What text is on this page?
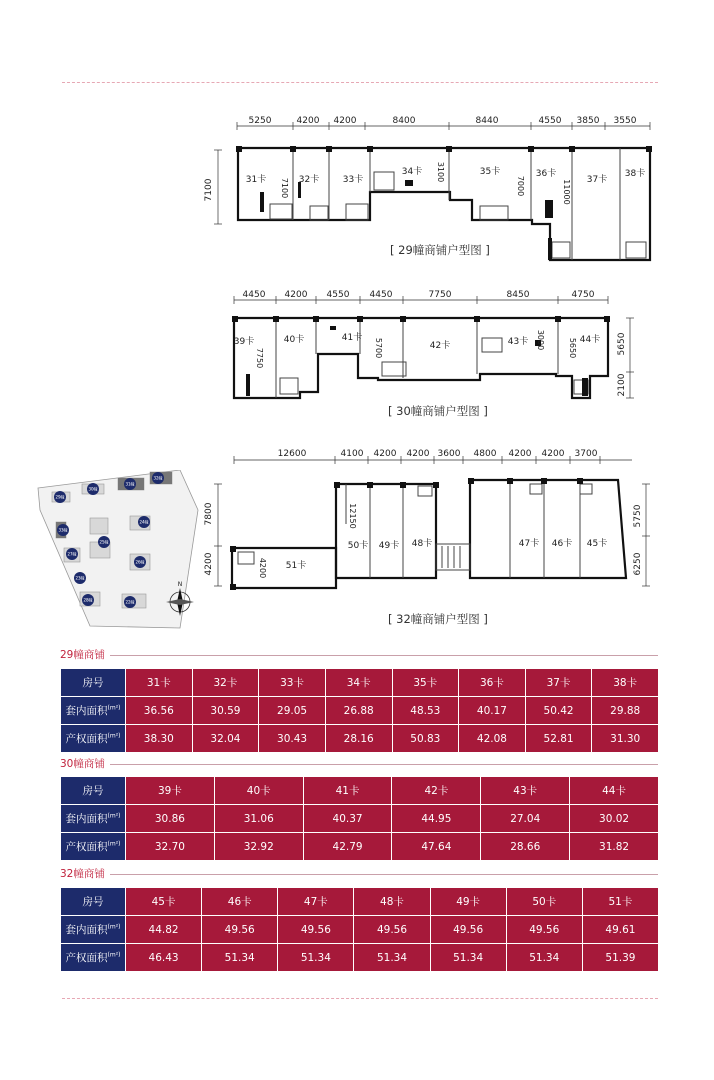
5250	4200 4200	8400	8440	4550 3850 3550
7100	31卡	32卡	33卡
34卡	35卡	36卡
37卡
38卡
7100
3100
7000	11000
[ 29幢商铺户型图 ]
4450 4200 4550 4450	7750	8450	4750
5650
2100
39卡	40卡	41卡
42卡	43卡	44卡
7750	5700	3000	5650
[ 30幢商铺户型图 ]
29幢
30幢
31幢
32幢
33幢
24幢
25幢
26幢
27幢
28幢	22幢
23幢
N
12600	4100 4200 4200 3600 4800 4200 4200 3700
7800
4200
5750
6250
51卡
50卡 49卡 48卡	47卡 46卡 45卡
12150
4200
[ 32幢商铺户型图 ]
29幢商铺
房号	31卡	32卡	33卡	34卡	35卡	36卡	37卡	38卡
套内面积$^{(m^2)}$	36.56	30.59	29.05	26.88	48.53	40.17	50.42	29.88
产权面积$^{(m^2)}$	38.30	32.04	30.43	28.16	50.83	42.08	52.81	31.30
30幢商铺
房号	39卡	40卡	41卡	42卡	43卡	44卡
套内面积$^{(m^2)}$	30.86	31.06	40.37	44.95	27.04	30.02
产权面积$^{(m^2)}$	32.70	32.92	42.79	47.64	28.66	31.82
32幢商铺
房号	45卡	46卡	47卡	48卡	49卡	50卡	51卡
套内面积$^{(m^2)}$	44.82	49.56	49.56	49.56	49.56	49.56	49.61
产权面积$^{(m^2)}$	46.43	51.34	51.34	51.34	51.34	51.34	51.39
